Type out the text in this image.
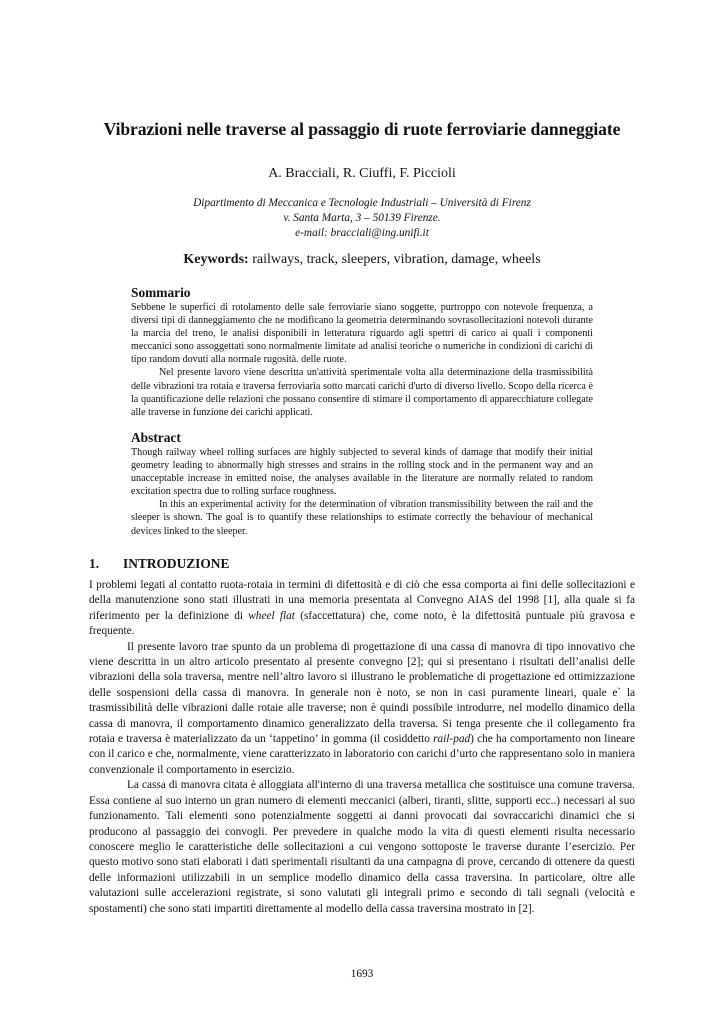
Vibrazioni nelle traverse al passaggio di ruote ferroviarie danneggiate
A. Bracciali, R. Ciuffi, F. Piccioli
Dipartimento di Meccanica e Tecnologie Industriali – Università di Firenz
v. Santa Marta, 3 – 50139 Firenze.
e-mail: bracciali@ing.unifi.it
Keywords: railways, track, sleepers, vibration, damage, wheels
Sommario

Sebbene le superfici di rotolamento delle sale ferroviarie siano soggette, purtroppo con notevole frequenza, a diversi tipi di danneggiamento che ne modificano la geometria determinando sovrasollecitazioni notevoli durante la marcia del treno, le analisi disponibili in letteratura riguardo agli spettri di carico ai quali i componenti meccanici sono assoggettati sono normalmente limitate ad analisi teoriche o numeriche in condizioni di carichi di tipo random dovuti alla normale rugosità. delle ruote.

Nel presente lavoro viene descritta un'attività sperimentale volta alla determinazione della trasmissibilità delle vibrazioni tra rotaia e traversa ferroviaria sotto marcati carichi d'urto di diverso livello. Scopo della ricerca è la quantificazione delle relazioni che possano consentire di stimare il comportamento di apparecchiature collegate alle traverse in funzione dei carichi applicati.

Abstract

Though railway wheel rolling surfaces are highly subjected to several kinds of damage that modify their initial geometry leading to abnormally high stresses and strains in the rolling stock and in the permanent way and an unacceptable increase in emitted noise, the analyses available in the literature are normally related to random excitation spectra due to rolling surface roughness.

In this an experimental activity for the determination of vibration transmissibility between the rail and the sleeper is shown. The goal is to quantify these relationships to estimate correctly the behaviour of mechanical devices linked to the sleeper.

1. INTRODUZIONE

I problemi legati al contatto ruota-rotaia in termini di difettosità e di ciò che essa comporta ai fini delle sollecitazioni e della manutenzione sono stati illustrati in una memoria presentata al Convegno AIAS del 1998 [1], alla quale si fa riferimento per la definizione di wheel flat (sfaccettatura) che, come noto, è la difettosità puntuale più gravosa e frequente.

Il presente lavoro trae spunto da un problema di progettazione di una cassa di manovra di tipo innovativo che viene descritta in un altro articolo presentato al presente convegno [2]; qui si presentano i risultati dell’analisi delle vibrazioni della sola traversa, mentre nell’altro lavoro si illustrano le problematiche di progettazione ed ottimizzazione delle sospensioni della cassa di manovra. In generale non è noto, se non in casi puramente lineari, quale e` la trasmissibilità delle vibrazioni dalle rotaie alle traverse; non è quindi possibile introdurre, nel modello dinamico della cassa di manovra, il comportamento dinamico generalizzato della traversa. Si tenga presente che il collegamento fra rotaia e traversa è materializzato da un ‘tappetino’ in gomma (il cosiddetto rail-pad) che ha comportamento non lineare con il carico e che, normalmente, viene caratterizzato in laboratorio con carichi d’urto che rappresentano solo in maniera convenzionale il comportamento in esercizio.

La cassa di manovra citata è alloggiata all'interno di una traversa metallica che sostituisce una comune traversa. Essa contiene al suo interno un gran numero di elementi meccanici (alberi, tiranti, slitte, supporti ecc..) necessari al suo funzionamento. Tali elementi sono potenzialmente soggetti ai danni provocati dai sovraccarichi dinamici che si producono al passaggio dei convogli. Per prevedere in qualche modo la vita di questi elementi risulta necessario conoscere meglio le caratteristiche delle sollecitazioni a cui vengono sottoposte le traverse durante l’esercizio. Per questo motivo sono stati elaborati i dati sperimentali risultanti da una campagna di prove, cercando di ottenere da questi delle informazioni utilizzabili in un semplice modello dinamico della cassa traversina. In particolare, oltre alle valutazioni sulle accelerazioni registrate, si sono valutati gli integrali primo e secondo di tali segnali (velocità e spostamenti) che sono stati impartiti direttamente al modello della cassa traversina mostrato in [2].

1693
